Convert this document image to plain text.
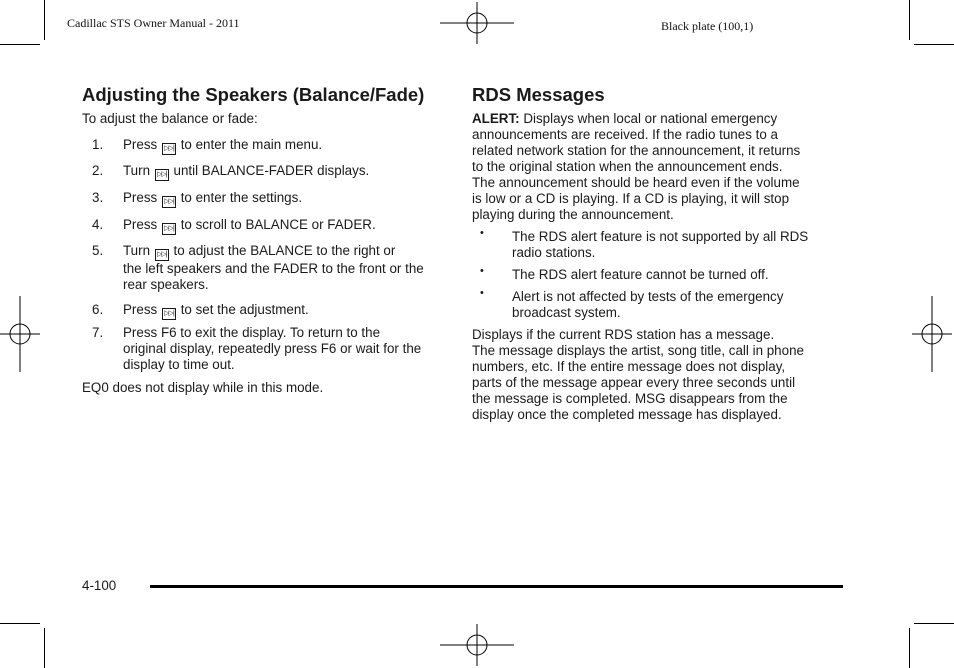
Cadillac STS Owner Manual - 2011	Black plate (100,1)
Adjusting the Speakers (Balance/Fade)
To adjust the balance or fade:
1.	Press ▷▷| to enter the main menu.
2.	Turn ▷▷| until BALANCE-FADER displays.
3.	Press ▷▷| to enter the settings.
4.	Press ▷▷| to scroll to BALANCE or FADER.
5.	Turn ▷▷| to adjust the BALANCE to the right or
the left speakers and the FADER to the front or the
rear speakers.
6.	Press ▷▷| to set the adjustment.
7.	Press F6 to exit the display. To return to the
original display, repeatedly press F6 or wait for the
display to time out.
EQ0 does not display while in this mode.
RDS Messages
ALERT: Displays when local or national emergency
announcements are received. If the radio tunes to a
related network station for the announcement, it returns
to the original station when the announcement ends.
The announcement should be heard even if the volume
is low or a CD is playing. If a CD is playing, it will stop
playing during the announcement.
• The RDS alert feature is not supported by all RDS
radio stations.
• The RDS alert feature cannot be turned off.
• Alert is not affected by tests of the emergency
broadcast system.
Displays if the current RDS station has a message.
The message displays the artist, song title, call in phone
numbers, etc. If the entire message does not display,
parts of the message appear every three seconds until
the message is completed. MSG disappears from the
display once the completed message has displayed.
4-100
